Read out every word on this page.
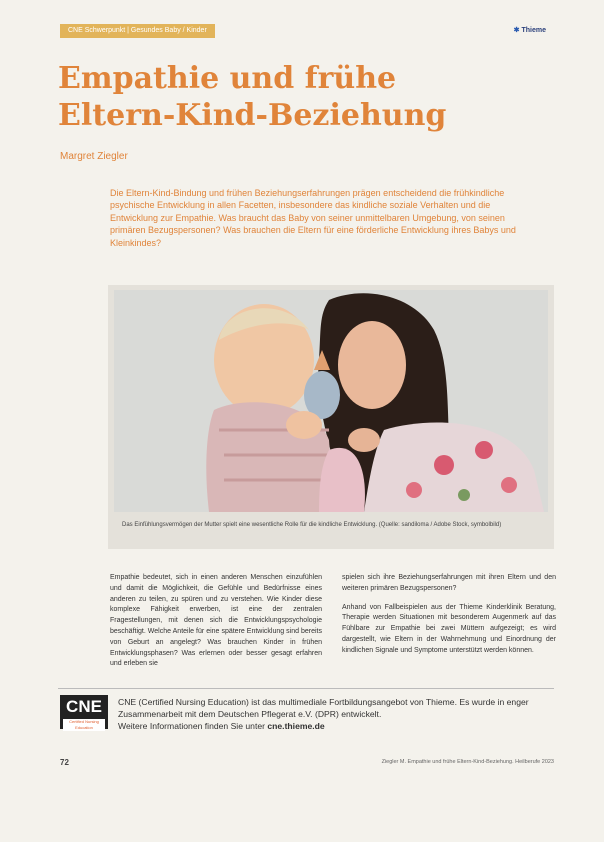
CNE Schwerpunkt | Gesundes Baby / Kinder	✱ Thieme
Empathie und frühe Eltern-Kind-Beziehung
Margret Ziegler

Die Eltern-Kind-Bindung und frühen Beziehungserfahrungen prägen entscheidend die frühkindliche psychische Entwicklung in allen Facetten, insbesondere das kindliche soziale Verhalten und die Entwicklung zur Empathie. Was braucht das Baby von seiner unmittelbaren Umgebung, von seinen primären Bezugspersonen? Was brauchen die Eltern für eine förderliche Entwicklung ihres Babys und Kleinkindes?

Das Einfühlungsvermögen der Mutter spielt eine wesentliche Rolle für die kindliche Entwicklung. (Quelle: sandiloma / Adobe Stock, symbolbild)

Empathie bedeutet, sich in einen anderen Menschen einzufühlen und damit die Möglichkeit, die Gefühle und Bedürfnisse eines anderen zu teilen, zu spüren und zu verstehen. Wie Kinder diese komplexe Fähigkeit erwerben, ist eine der zentralen Fragestellungen, mit denen sich die Entwicklungspsychologie beschäftigt. Welche Anteile für eine spätere Entwicklung sind bereits von Geburt an angelegt? Was brauchen Kinder in frühen Entwicklungsphasen? Was erlernen oder besser gesagt erfahren und erleben sie

spielen sich ihre Beziehungserfahrungen mit ihren Eltern und den weiteren primären Bezugspersonen?

Anhand von Fallbeispielen aus der Thieme Kinderklinik Beratung, Therapie werden Situationen mit besonderem Augenmerk auf das Fühlbare zur Empathie bei zwei Müttern aufgezeigt; es wird dargestellt, wie Eltern in der Wahrnehmung und Einordnung der kindlichen Signale und Symptome unterstützt werden können.

CNE
Certified Nursing Education
CNE (Certified Nursing Education) ist das multimediale Fortbildungsangebot von Thieme. Es wurde in enger Zusammenarbeit mit dem Deutschen Pflegerat e.V. (DPR) entwickelt.
Weitere Informationen finden Sie unter cne.thieme.de
72	Ziegler M. Empathie und frühe Eltern-Kind-Beziehung. Heilberufe 2023
